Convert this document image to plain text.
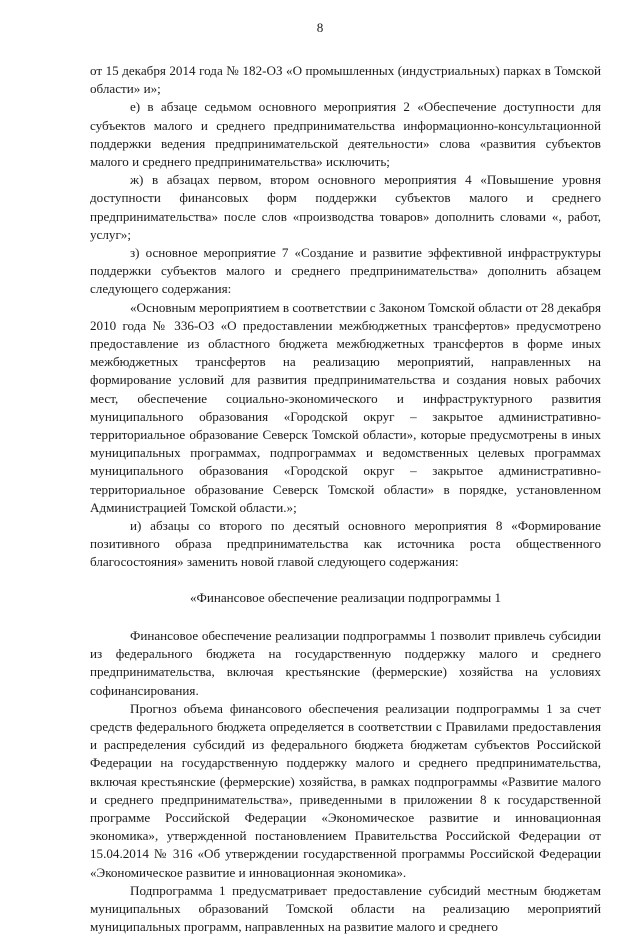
8

от 15 декабря 2014 года № 182-ОЗ «О промышленных (индустриальных) парках в Томской области» и»;

е) в абзаце седьмом основного мероприятия 2 «Обеспечение доступности для субъектов малого и среднего предпринимательства информационно-консультационной поддержки ведения предпринимательской деятельности» слова «развития субъектов малого и среднего предпринимательства» исключить;

ж) в абзацах первом, втором основного мероприятия 4 «Повышение уровня доступности финансовых форм поддержки субъектов малого и среднего предпринимательства» после слов «производства товаров» дополнить словами «, работ, услуг»;

з) основное мероприятие 7 «Создание и развитие эффективной инфраструктуры поддержки субъектов малого и среднего предпринимательства» дополнить абзацем следующего содержания:

«Основным мероприятием в соответствии с Законом Томской области от 28 декабря 2010 года № 336-ОЗ «О предоставлении межбюджетных трансфертов» предусмотрено предоставление из областного бюджета межбюджетных трансфертов в форме иных межбюджетных трансфертов на реализацию мероприятий, направленных на формирование условий для развития предпринимательства и создания новых рабочих мест, обеспечение социально-экономического и инфраструктурного развития муниципального образования «Городской округ – закрытое административно-территориальное образование Северск Томской области», которые предусмотрены в иных муниципальных программах, подпрограммах и ведомственных целевых программах муниципального образования «Городской округ – закрытое административно-территориальное образование Северск Томской области» в порядке, установленном Администрацией Томской области.»;

и) абзацы со второго по десятый основного мероприятия 8 «Формирование позитивного образа предпринимательства как источника роста общественного благосостояния» заменить новой главой следующего содержания:

«Финансовое обеспечение реализации подпрограммы 1

Финансовое обеспечение реализации подпрограммы 1 позволит привлечь субсидии из федерального бюджета на государственную поддержку малого и среднего предпринимательства, включая крестьянские (фермерские) хозяйства на условиях софинансирования.

Прогноз объема финансового обеспечения реализации подпрограммы 1 за счет средств федерального бюджета определяется в соответствии с Правилами предоставления и распределения субсидий из федерального бюджета бюджетам субъектов Российской Федерации на государственную поддержку малого и среднего предпринимательства, включая крестьянские (фермерские) хозяйства, в рамках подпрограммы «Развитие малого и среднего предпринимательства», приведенными в приложении 8 к государственной программе Российской Федерации «Экономическое развитие и инновационная экономика», утвержденной постановлением Правительства Российской Федерации от 15.04.2014 № 316 «Об утверждении государственной программы Российской Федерации «Экономическое развитие и инновационная экономика».

Подпрограмма 1 предусматривает предоставление субсидий местным бюджетам муниципальных образований Томской области на реализацию мероприятий муниципальных программ, направленных на развитие малого и среднего
